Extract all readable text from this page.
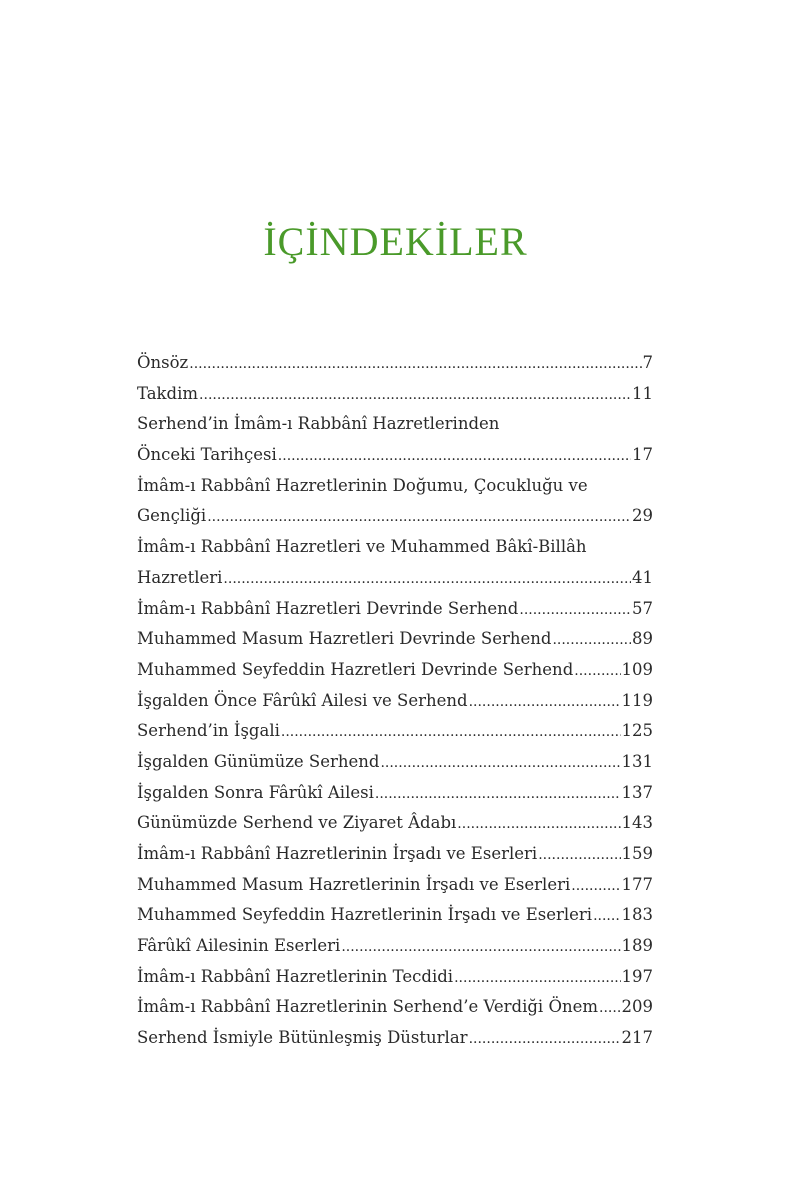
İÇİNDEKİLER
Önsöz .....	7
Takdim .....	11
Serhend’in İmâm-ı Rabbânî Hazretlerinden
Önceki Tarihçesi .....	17
İmâm-ı Rabbânî Hazretlerinin Doğumu, Çocukluğu ve
Gençliği .....	29
İmâm-ı Rabbânî Hazretleri ve Muhammed Bâkî-Billâh
Hazretleri .....	41
İmâm-ı Rabbânî Hazretleri Devrinde Serhend .....	57
Muhammed Masum Hazretleri Devrinde Serhend .....	89
Muhammed Seyfeddin Hazretleri Devrinde Serhend .....	109
İşgalden Önce Fârûkî Ailesi ve Serhend .....	119
Serhend’in İşgali .....	125
İşgalden Günümüze Serhend .....	131
İşgalden Sonra Fârûkî Ailesi .....	137
Günümüzde Serhend ve Ziyaret Âdabı .....	143
İmâm-ı Rabbânî Hazretlerinin İrşadı ve Eserleri .....	159
Muhammed Masum Hazretlerinin İrşadı ve Eserleri .....	177
Muhammed Seyfeddin Hazretlerinin İrşadı ve Eserleri ..... 183
Fârûkî Ailesinin Eserleri .....	189
İmâm-ı Rabbânî Hazretlerinin Tecdidi .....	197
İmâm-ı Rabbânî Hazretlerinin Serhend’e Verdiği Önem ..... 209
Serhend İsmiyle Bütünleşmiş Düsturlar .....	217
